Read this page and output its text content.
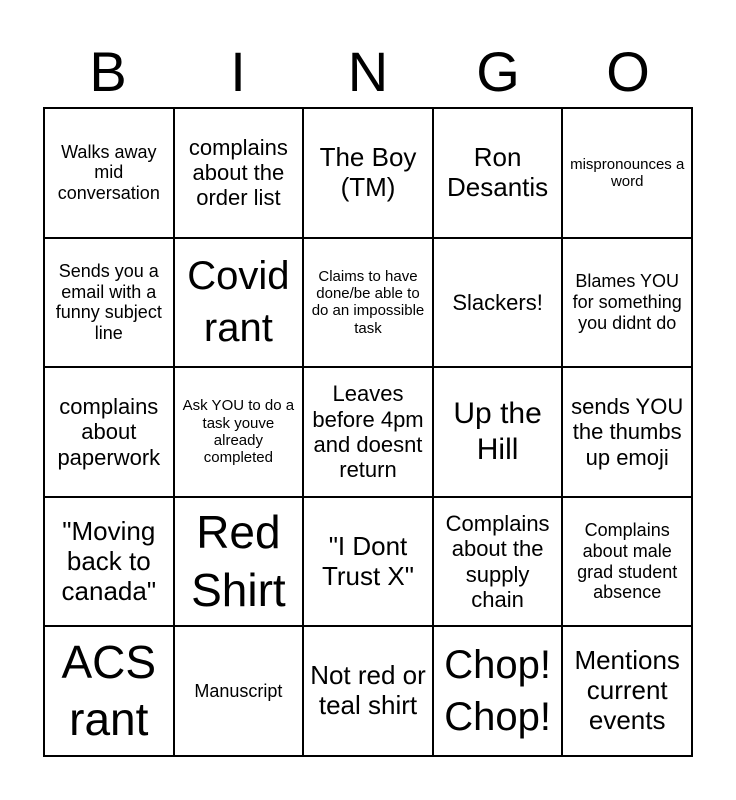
B	I	N	G	O
Walks away mid conversation
complains about the order list
The Boy (TM)
Ron Desantis
mispronounces a word
Sends you a email with a funny subject line
Covid rant
Claims to have done/be able to do an impossible task
Slackers!
Blames YOU for something you didnt do
complains about paperwork
Ask YOU to do a task youve already completed
Leaves before 4pm and doesnt return
Up the Hill
sends YOU the thumbs up emoji
"Moving back to canada"
Red Shirt
"I Dont Trust X"
Complains about the supply chain
Complains about male grad student absence
ACS rant
Manuscript
Not red or teal shirt
Chop! Chop!
Mentions current events
